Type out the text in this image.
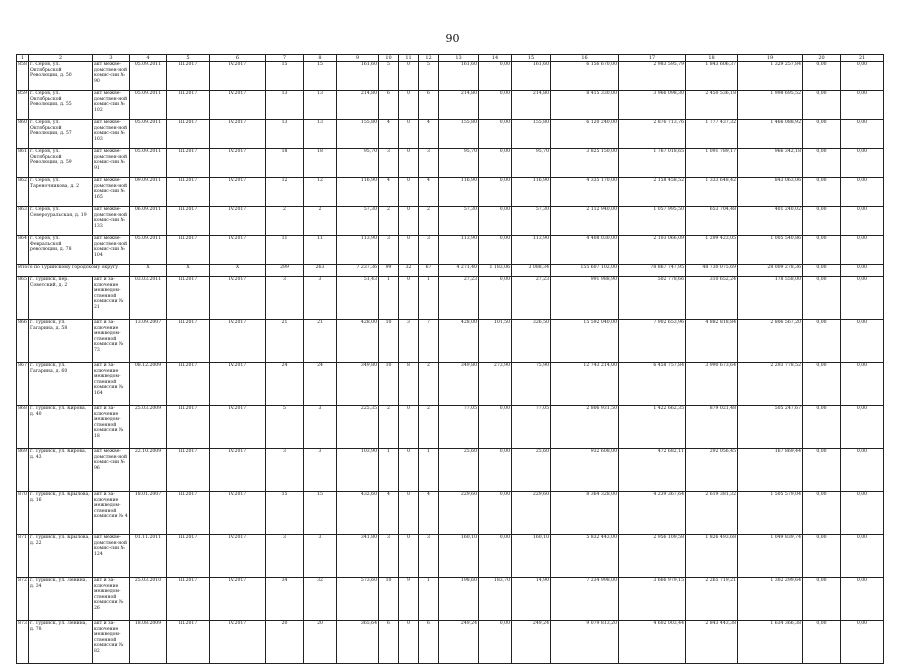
90
1	2	3	4	5	6	7	8	9	10	11	12	13	14	15	16	17	18	19	20	21
858	г. Серов, ул. Октябрьской Революции, д. 50	акт межве-домствен-ной комис-сии № 90	05.09.2011	III.2017	IV.2017	15	15	161,60	5	0	5	161,60	0,00	161,60	6 156 670,00	2 983 595,79	1 843 606,37	1 329 257,84	0,00	0,00
859	г. Серов, ул. Октябрьской Революции, д. 55	акт межве-домствен-ной комис-сии № 102	05.09.2011	III.2017	IV.2017	13	13	214,80	6	0	6	214,80	0,00	214,80	8 415 330,00	3 966 098,30	2 450 536,18	1 998 695,52	0,00	0,00
860	г. Серов, ул. Октябрьской Революции, д. 57	акт межве-домствен-ной комис-сии № 103	05.09.2011	III.2017	IV.2017	13	13	155,80	4	0	4	155,80	0,00	155,80	6 120 240,00	2 876 713,76	1 777 437,32	1 466 088,92	0,00	0,00
861	г. Серов, ул. Октябрьской Революции, д. 59	акт межве-домствен-ной комис-сии № 91	05.09.2011	III.2017	IV.2017	18	18	95,70	3	0	3	95,70	0,00	95,70	3 825 150,00	1 767 018,65	1 091 789,17	966 342,18	0,00	0,00
862	г. Серов, ул. Тареночникова, д. 2	акт межве-домствен-ной комис-сии № 165	09.09.2011	III.2017	IV.2017	12	12	116,90	4	0	4	116,90	0,00	116,90	4 335 170,00	2 158 458,52	1 333 648,42	843 063,06	0,00	0,00
863	г. Серов, ул. Североуральская, д. 19	акт межве-домствен-ной комис-сии № 133	06.09.2011	III.2017	IV.2017	2	2	57,30	2	0	2	57,30	0,00	57,30	2 112 940,00	1 057 995,50	653 704,48	401 240,02	0,00	0,00
864	г. Серов, ул. Февральской революции, д. 78	акт межве-домствен-ной комис-сии № 104	05.09.2011	III.2017	IV.2017	11	11	113,90	3	0	3	113,90	0,00	113,90	4 408 030,00	2 103 066,09	1 299 423,05	1 005 540,86	0,00	0,00
Итого по Туринскому городскому округу			X	X	X	299	263	7 237,36	99	32	67	4 271,40	1 183,06	3 088,34	155 607 102,00	78 867 747,95	48 730 075,69	28 009 278,36	0,00	0,00
865	г. Туринск, пер. Советский, д. 2	акт и за-ключение межведом-ственной комиссии № 21	03.03.2011	III.2017	IV.2017	3	3	51,43	1	0	1	27,23	0,00	27,23	991 988,90	502 778,66	310 652,24	178 558,00	0,00	0,00
866	г. Туринск, ул. Гагарина, д. 58	акт и за-ключение межведом-ственной комиссии № 73	13.09.2007	III.2017	IV.2017	21	21	428,00	10	3	7	428,00	101,50	326,50	15 592 040,00	7 902 653,96	4 882 818,84	2 806 567,20	0,00	0,00
867	г. Туринск, ул. Гагарина, д. 60	акт и за-ключение межведом-ственной комиссии № 164	08.12.2009	III.2017	IV.2017	24	24	349,80	10	8	2	349,80	273,90	75,90	12 743 214,00	6 458 757,84	3 990 673,64	2 293 778,52	0,00	0,00
868	г. Туринск, ул. Кирова, д. 40	акт и за-ключение межведом-ственной комиссии № 18	25.03.2009	III.2017	IV.2017	5	3	225,35	2	0	2	77,05	0,00	77,05	2 806 931,50	1 422 662,35	879 021,48	505 247,67	0,00	0,00
869	г. Туринск, ул. Кирова, д. 43	акт межве-домствен-ной комис-сии № 96	22.10.2009	III.2017	IV.2017	3	3	103,90	1	0	1	25,60	0,00	25,60	932 608,00	472 682,11	292 056,45	167 869,44	0,00	0,00
870	г. Туринск, ул. Крылова, д. 16	акт и за-ключение межведом-ственной комиссии № 4	18.01.2007	III.2017	IV.2017	15	15	432,60	4	0	4	229,60	0,00	229,60	8 364 328,00	4 239 367,64	2 619 381,32	1 505 579,04	0,00	0,00
871	г. Туринск, ул. Крылова, д. 22	акт межве-домствен-ной комис-сии № 124	01.11.2011	III.2017	IV.2017	3	3	341,80	3	0	3	160,10	0,00	160,10	5 832 443,00	2 956 109,58	1 826 493,68	1 049 839,74	0,00	0,00
872	г. Туринск, ул. Ленина, д. 34	акт и за-ключение межведом-ственной комиссии № 26	25.03.2010	III.2017	IV.2017	34	32	573,60	10	9	1	198,60	183,70	14,90	7 234 998,00	3 666 979,15	2 265 719,21	1 302 299,64	0,00	0,00
873	г. Туринск, ул. Ленина, д. 78	акт и за-ключение межведом-ственной комиссии № 82	18.08.2009	III.2017	IV.2017	20	20	365,64	6	0	6	249,24	0,00	249,24	9 079 813,20	4 602 003,44	2 843 443,38	1 634 366,38	0,00	0,00
